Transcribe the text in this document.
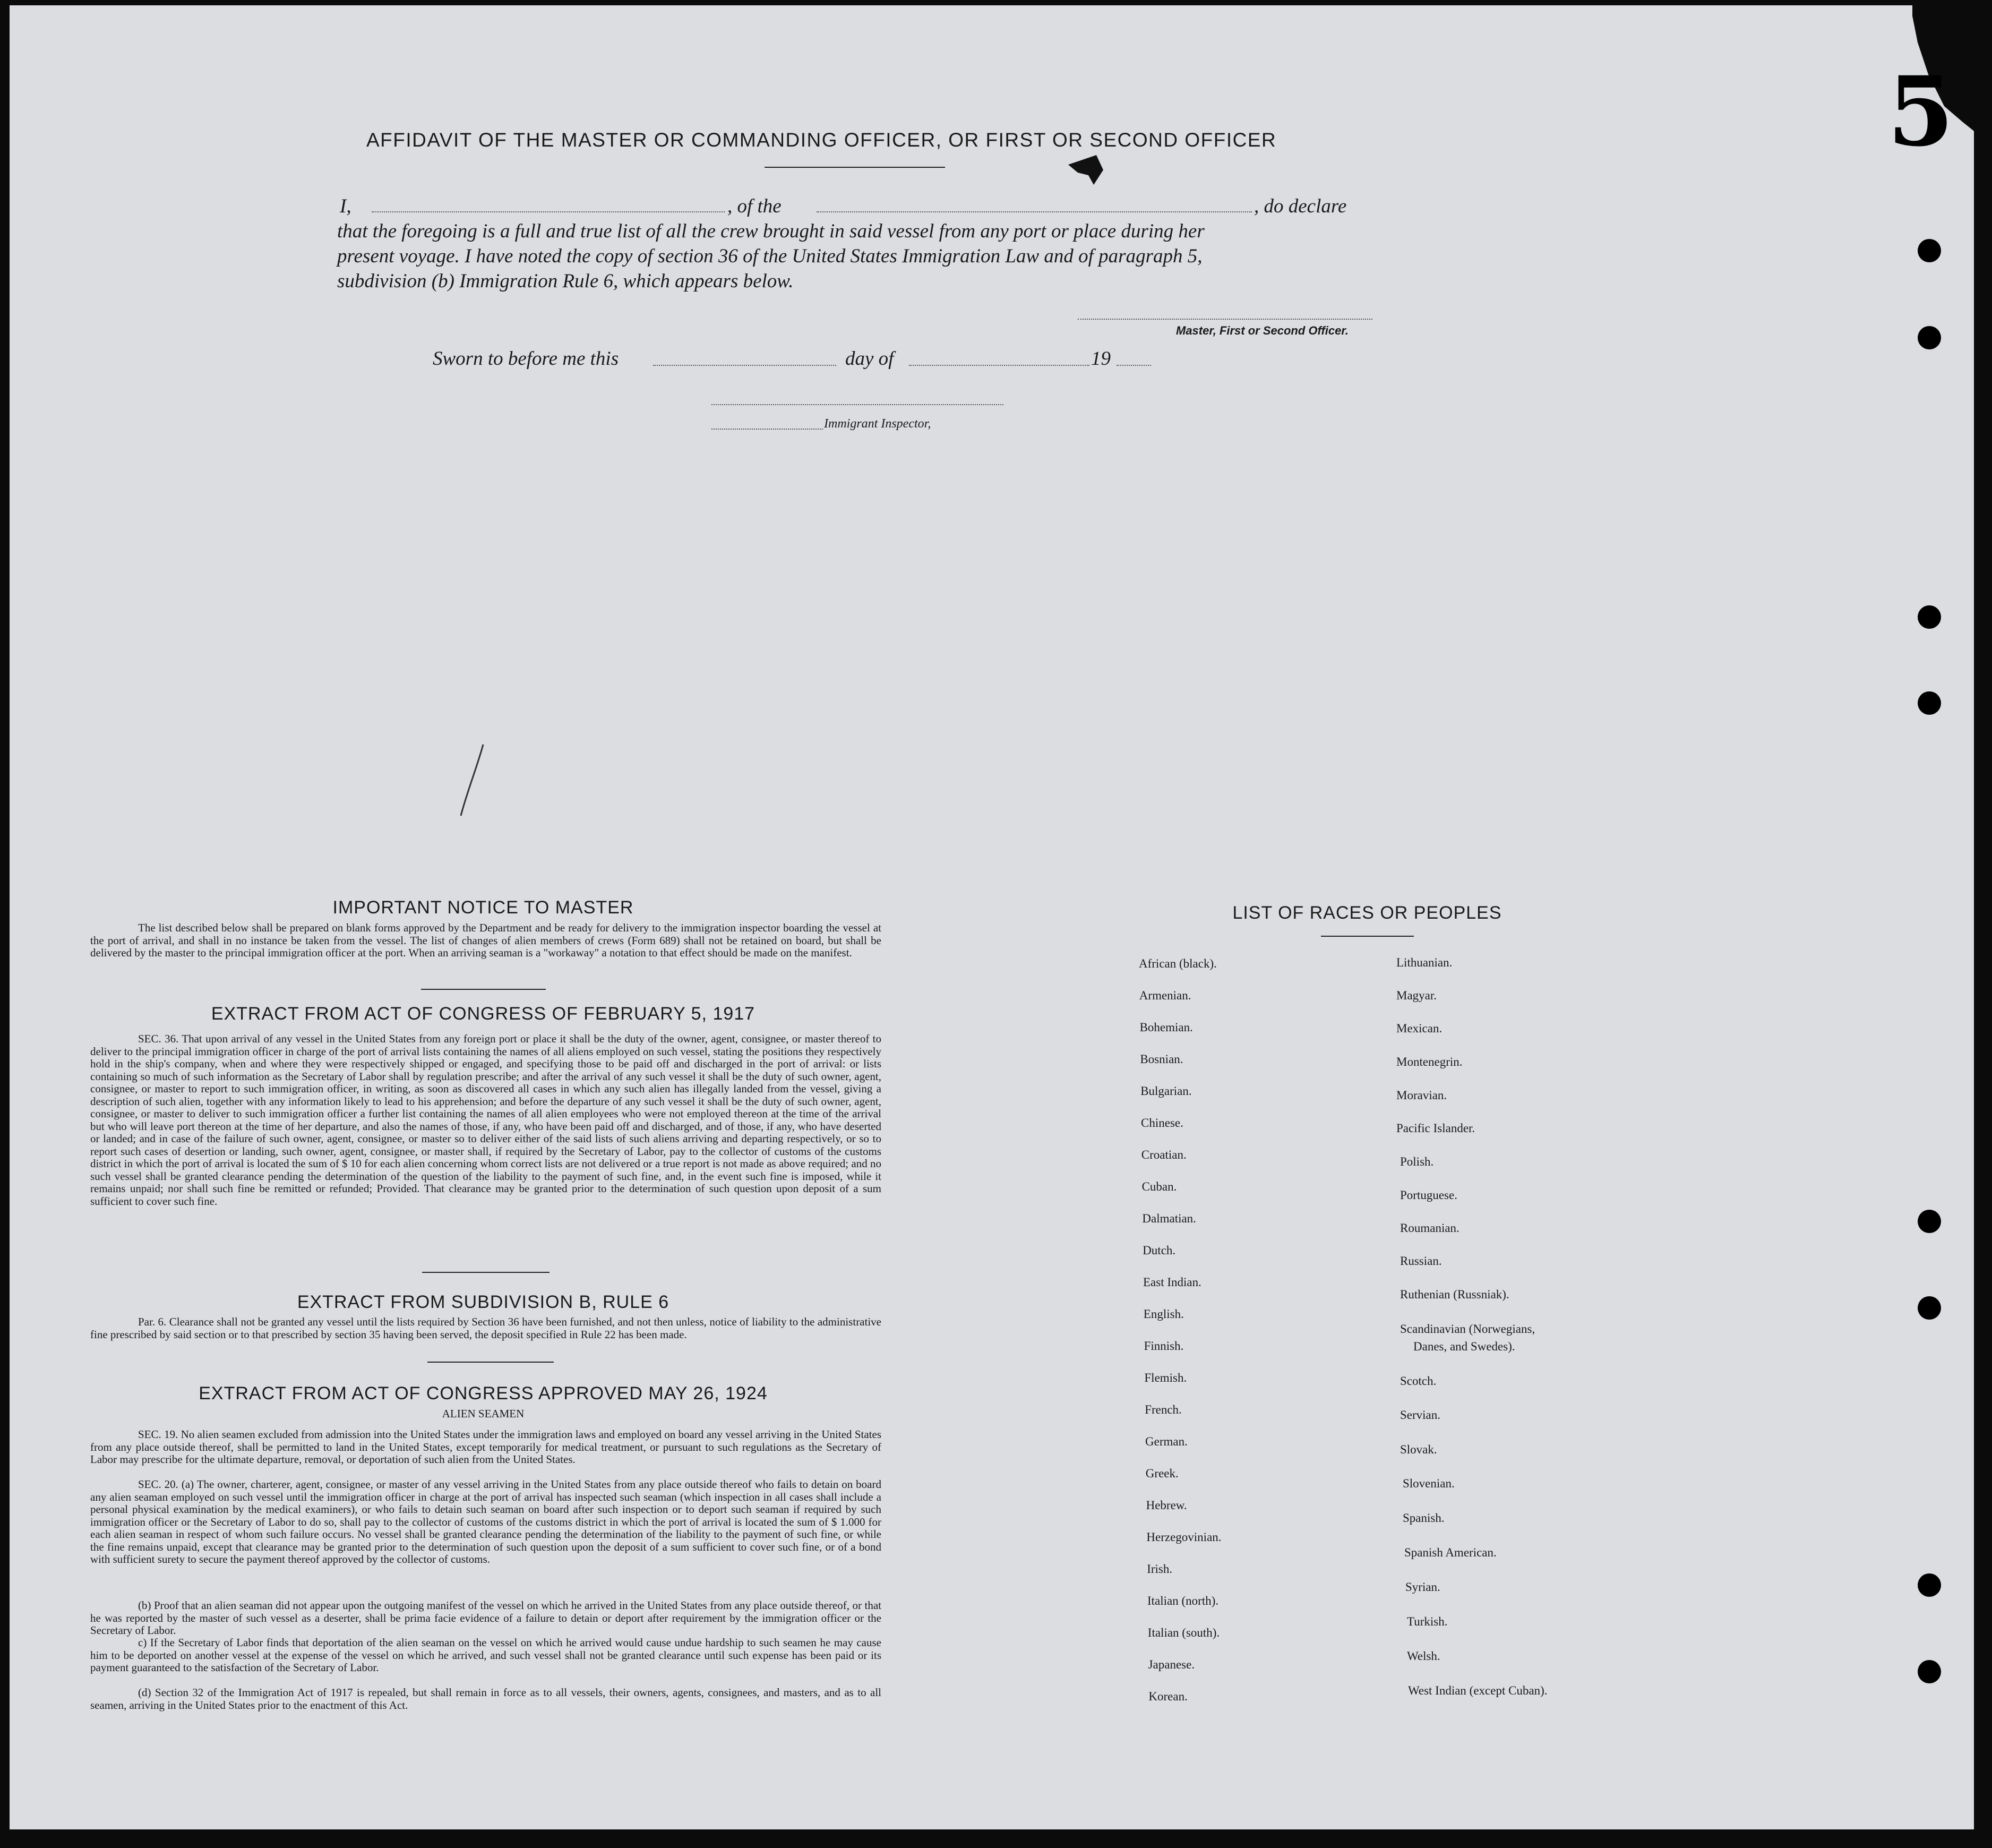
5
AFFIDAVIT OF THE MASTER OR COMMANDING OFFICER, OR FIRST OR SECOND OFFICER
I,	, of the	, do declare
that the foregoing is a full and true list of all the crew brought in said vessel from any port or place during her
present voyage. I have noted the copy of section 36 of the United States Immigration Law and of paragraph 5,
subdivision (b) Immigration Rule 6, which appears below.
Master, First or Second Officer.
Sworn to before me this	day of	19
Immigrant Inspector,
IMPORTANT NOTICE TO MASTER
The list described below shall be prepared on blank forms approved by the Department and be ready for delivery to the immigration inspector boarding the vessel at the port of arrival, and shall in no instance be taken from the vessel. The list of changes of alien members of crews (Form 689) shall not be retained on board, but shall be delivered by the master to the principal immigration officer at the port. When an arriving seaman is a "workaway" a notation to that effect should be made on the manifest.
EXTRACT FROM ACT OF CONGRESS OF FEBRUARY 5, 1917
SEC. 36. That upon arrival of any vessel in the United States from any foreign port or place it shall be the duty of the owner, agent, consignee, or master thereof to deliver to the principal immigration officer in charge of the port of arrival lists containing the names of all aliens employed on such vessel, stating the positions they respectively hold in the ship's company, when and where they were respectively shipped or engaged, and specifying those to be paid off and discharged in the port of arrival: or lists containing so much of such information as the Secretary of Labor shall by regulation prescribe; and after the arrival of any such vessel it shall be the duty of such owner, agent, consignee, or master to report to such immigration officer, in writing, as soon as discovered all cases in which any such alien has illegally landed from the vessel, giving a description of such alien, together with any information likely to lead to his apprehension; and before the departure of any such vessel it shall be the duty of such owner, agent, consignee, or master to deliver to such immigration officer a further list containing the names of all alien employees who were not employed thereon at the time of the arrival but who will leave port thereon at the time of her departure, and also the names of those, if any, who have been paid off and discharged, and of those, if any, who have deserted or landed; and in case of the failure of such owner, agent, consignee, or master so to deliver either of the said lists of such aliens arriving and departing respectively, or so to report such cases of desertion or landing, such owner, agent, consignee, or master shall, if required by the Secretary of Labor, pay to the collector of customs of the customs district in which the port of arrival is located the sum of $ 10 for each alien concerning whom correct lists are not delivered or a true report is not made as above required; and no such vessel shall be granted clearance pending the determination of the question of the liability to the payment of such fine, and, in the event such fine is imposed, while it remains unpaid; nor shall such fine be remitted or refunded; Provided. That clearance may be granted prior to the determination of such question upon deposit of a sum sufficient to cover such fine.
EXTRACT FROM SUBDIVISION B, RULE 6
Par. 6. Clearance shall not be granted any vessel until the lists required by Section 36 have been furnished, and not then unless, notice of liability to the administrative fine prescribed by said section or to that prescribed by section 35 having been served, the deposit specified in Rule 22 has been made.
EXTRACT FROM ACT OF CONGRESS APPROVED MAY 26, 1924
ALIEN SEAMEN
SEC. 19. No alien seamen excluded from admission into the United States under the immigration laws and employed on board any vessel arriving in the United States from any place outside thereof, shall be permitted to land in the United States, except temporarily for medical treatment, or pursuant to such regulations as the Secretary of Labor may prescribe for the ultimate departure, removal, or deportation of such alien from the United States.
SEC. 20. (a) The owner, charterer, agent, consignee, or master of any vessel arriving in the United States from any place outside thereof who fails to detain on board any alien seaman employed on such vessel until the immigration officer in charge at the port of arrival has inspected such seaman (which inspection in all cases shall include a personal physical examination by the medical examiners), or who fails to detain such seaman on board after such inspection or to deport such seaman if required by such immigration officer or the Secretary of Labor to do so, shall pay to the collector of customs of the customs district in which the port of arrival is located the sum of $ 1.000 for each alien seaman in respect of whom such failure occurs. No vessel shall be granted clearance pending the determination of the liability to the payment of such fine, or while the fine remains unpaid, except that clearance may be granted prior to the determination of such question upon the deposit of a sum sufficient to cover such fine, or of a bond with sufficient surety to secure the payment thereof approved by the collector of customs.
(b) Proof that an alien seaman did not appear upon the outgoing manifest of the vessel on which he arrived in the United States from any place outside thereof, or that he was reported by the master of such vessel as a deserter, shall be prima facie evidence of a failure to detain or deport after requirement by the immigration officer or the Secretary of Labor.
c) If the Secretary of Labor finds that deportation of the alien seaman on the vessel on which he arrived would cause undue hardship to such seamen he may cause him to be deported on another vessel at the expense of the vessel on which he arrived, and such vessel shall not be granted clearance until such expense has been paid or its payment guaranteed to the satisfaction of the Secretary of Labor.
(d) Section 32 of the Immigration Act of 1917 is repealed, but shall remain in force as to all vessels, their owners, agents, consignees, and masters, and as to all seamen, arriving in the United States prior to the enactment of this Act.
LIST OF RACES OR PEOPLES
African (black).
Armenian.
Bohemian.
Bosnian.
Bulgarian.
Chinese.
Croatian.
Cuban.
Dalmatian.
Dutch.
East Indian.
English.
Finnish.
Flemish.
French.
German.
Greek.
Hebrew.
Herzegovinian.
Irish.
Italian (north).
Italian (south).
Japanese.
Korean.
Lithuanian.
Magyar.
Mexican.
Montenegrin.
Moravian.
Pacific Islander.
Polish.
Portuguese.
Roumanian.
Russian.
Ruthenian (Russniak).
Scandinavian (Norwegians,
Danes, and Swedes).
Scotch.
Servian.
Slovak.
Slovenian.
Spanish.
Spanish American.
Syrian.
Turkish.
Welsh.
West Indian (except Cuban).
